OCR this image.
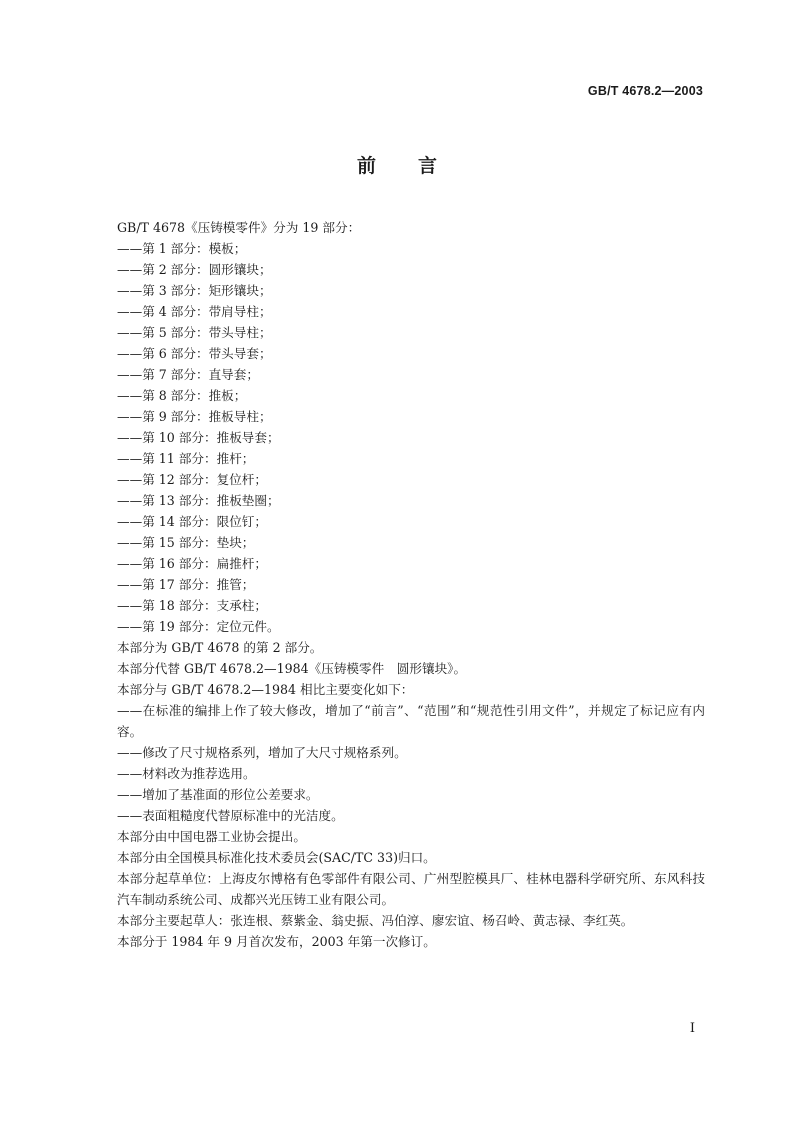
GB/T 4678.2—2003
前言
GB/T 4678《压铸模零件》分为 19 部分：
——第 1 部分：模板；
——第 2 部分：圆形镶块；
——第 3 部分：矩形镶块；
——第 4 部分：带肩导柱；
——第 5 部分：带头导柱；
——第 6 部分：带头导套；
——第 7 部分：直导套；
——第 8 部分：推板；
——第 9 部分：推板导柱；
——第 10 部分：推板导套；
——第 11 部分：推杆；
——第 12 部分：复位杆；
——第 13 部分：推板垫圈；
——第 14 部分：限位钉；
——第 15 部分：垫块；
——第 16 部分：扁推杆；
——第 17 部分：推管；
——第 18 部分：支承柱；
——第 19 部分：定位元件。
本部分为 GB/T 4678 的第 2 部分。
本部分代替 GB/T 4678.2—1984《压铸模零件　圆形镶块》。
本部分与 GB/T 4678.2—1984 相比主要变化如下：
——在标准的编排上作了较大修改，增加了“前言”、“范围”和“规范性引用文件”，并规定了标记应有内容。
——修改了尺寸规格系列，增加了大尺寸规格系列。
——材料改为推荐选用。
——增加了基准面的形位公差要求。
——表面粗糙度代替原标准中的光洁度。
本部分由中国电器工业协会提出。
本部分由全国模具标准化技术委员会(SAC/TC 33)归口。
本部分起草单位：上海皮尔博格有色零部件有限公司、广州型腔模具厂、桂林电器科学研究所、东风科技汽车制动系统公司、成都兴光压铸工业有限公司。
本部分主要起草人：张连根、蔡紫金、翁史振、冯伯淳、廖宏谊、杨召岭、黄志禄、李红英。
本部分于 1984 年 9 月首次发布，2003 年第一次修订。
I
